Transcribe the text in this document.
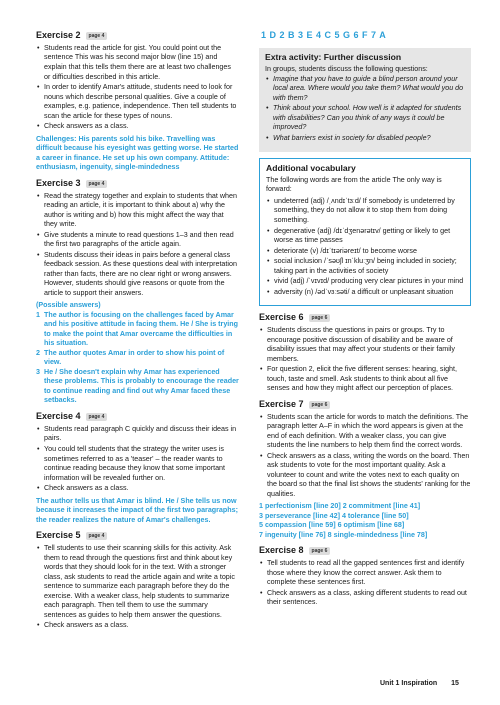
Exercise 2	page 4
• Students read the article for gist. You could point out the sentence This was his second major blow (line 15) and explain that this tells them there are at least two challenges or difficulties described in this article.
• In order to identify Amar's attitude, students need to look for nouns which describe personal qualities. Give a couple of examples, e.g. patience, independence. Then tell students to scan the article for these types of nouns.
• Check answers as a class.

Challenges: His parents sold his bike. Travelling was difficult because his eyesight was getting worse. He started a career in finance. He set up his own company. Attitude: enthusiasm, ingenuity, single-mindedness

Exercise 3	page 4
• Read the strategy together and explain to students that when reading an article, it is important to think about a) why the author is writing and b) how this might affect the way that they write.
• Give students a minute to read questions 1–3 and then read the first two paragraphs of the article again.
• Students discuss their ideas in pairs before a general class feedback session. As these questions deal with interpretation rather than facts, there are no clear right or wrong answers. However, students should give reasons or quote from the article to support their answers.

(Possible answers)

1 The author is focusing on the challenges faced by Amar and his positive attitude in facing them. He / She is trying to make the point that Amar overcame the difficulties in his situation.
2 The author quotes Amar in order to show his point of view.
3 He / She doesn't explain why Amar has experienced these problems. This is probably to encourage the reader to continue reading and find out why Amar faced these setbacks.
Exercise 4	page 4
• Students read paragraph C quickly and discuss their ideas in pairs.
• You could tell students that the strategy the writer uses is sometimes referred to as a 'teaser' – the reader wants to continue reading because they know that some important information will be revealed further on.
• Check answers as a class.

The author tells us that Amar is blind. He / She tells us now because it increases the impact of the first two paragraphs; the reader realizes the nature of Amar's challenges.

Exercise 5	page 4
• Tell students to use their scanning skills for this activity. Ask them to read through the questions first and think about key words that they should look for in the text. With a stronger class, ask students to read the article again and write a topic sentence to summarize each paragraph before they do the exercise. With a weaker class, help students to summarize each paragraph. Then tell them to use the summary sentences as guides to help them answer the questions.
• Check answers as a class.

1 D 2 B 3 E 4 C 5 G 6 F 7 A

Extra activity: Further discussion

In groups, students discuss the following questions:

• Imagine that you have to guide a blind person around your local area. Where would you take them? What would you do with them?
• Think about your school. How well is it adapted for students with disabilities? Can you think of any ways it could be improved?
• What barriers exist in society for disabled people?
Additional vocabulary

The following words are from the article The only way is forward:

• undeterred (adj) /ˌʌndɪˈtɜːd/ If somebody is undeterred by something, they do not allow it to stop them from doing something.
• degenerative (adj) /dɪˈdʒenərətɪv/ getting or likely to get worse as time passes
• deteriorate (v) /dɪˈtɪəriəreɪt/ to become worse
• social inclusion /ˈsəʊʃl ɪnˈkluːʒn/ being included in society; taking part in the activities of society
• vivid (adj) /ˈvɪvɪd/ producing very clear pictures in your mind
• adversity (n) /ədˈvɜːsəti/ a difficult or unpleasant situation
Exercise 6	page 6
• Students discuss the questions in pairs or groups. Try to encourage positive discussion of disability and be aware of disability issues that may affect your students or their family members.
• For question 2, elicit the five different senses: hearing, sight, touch, taste and smell. Ask students to think about all five senses and how they might affect our perception of places.
Exercise 7	page 6
• Students scan the article for words to match the definitions. The paragraph letter A–F in which the word appears is given at the end of each definition. With a weaker class, you can give students the line numbers to help them find the correct words.
• Check answers as a class, writing the words on the board. Then ask students to vote for the most important quality. Ask a volunteer to count and write the votes next to each quality on the board so that the final list shows the students' ranking for the qualities.

1 perfectionism [line 20] 2 commitment [line 41]

3 perseverance [line 42] 4 tolerance [line 50]

5 compassion [line 59] 6 optimism [line 68]

7 ingenuity [line 76] 8 single-mindedness [line 78]

Exercise 8	page 6
• Tell students to read all the gapped sentences first and identify those where they know the correct answer. Ask them to complete these sentences first.
• Check answers as a class, asking different students to read out their sentences.
Unit 1 Inspiration 15
